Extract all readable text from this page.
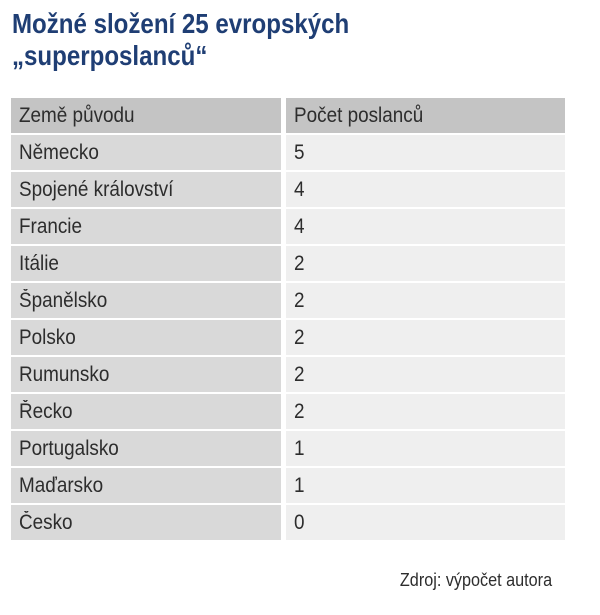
Možné složení 25 evropských
„superposlanců“
Země původu	Počet poslanců
Německo	5
Spojené království	4
Francie	4
Itálie	2
Španělsko	2
Polsko	2
Rumunsko	2
Řecko	2
Portugalsko	1
Maďarsko	1
Česko	0
Zdroj: výpočet autora
